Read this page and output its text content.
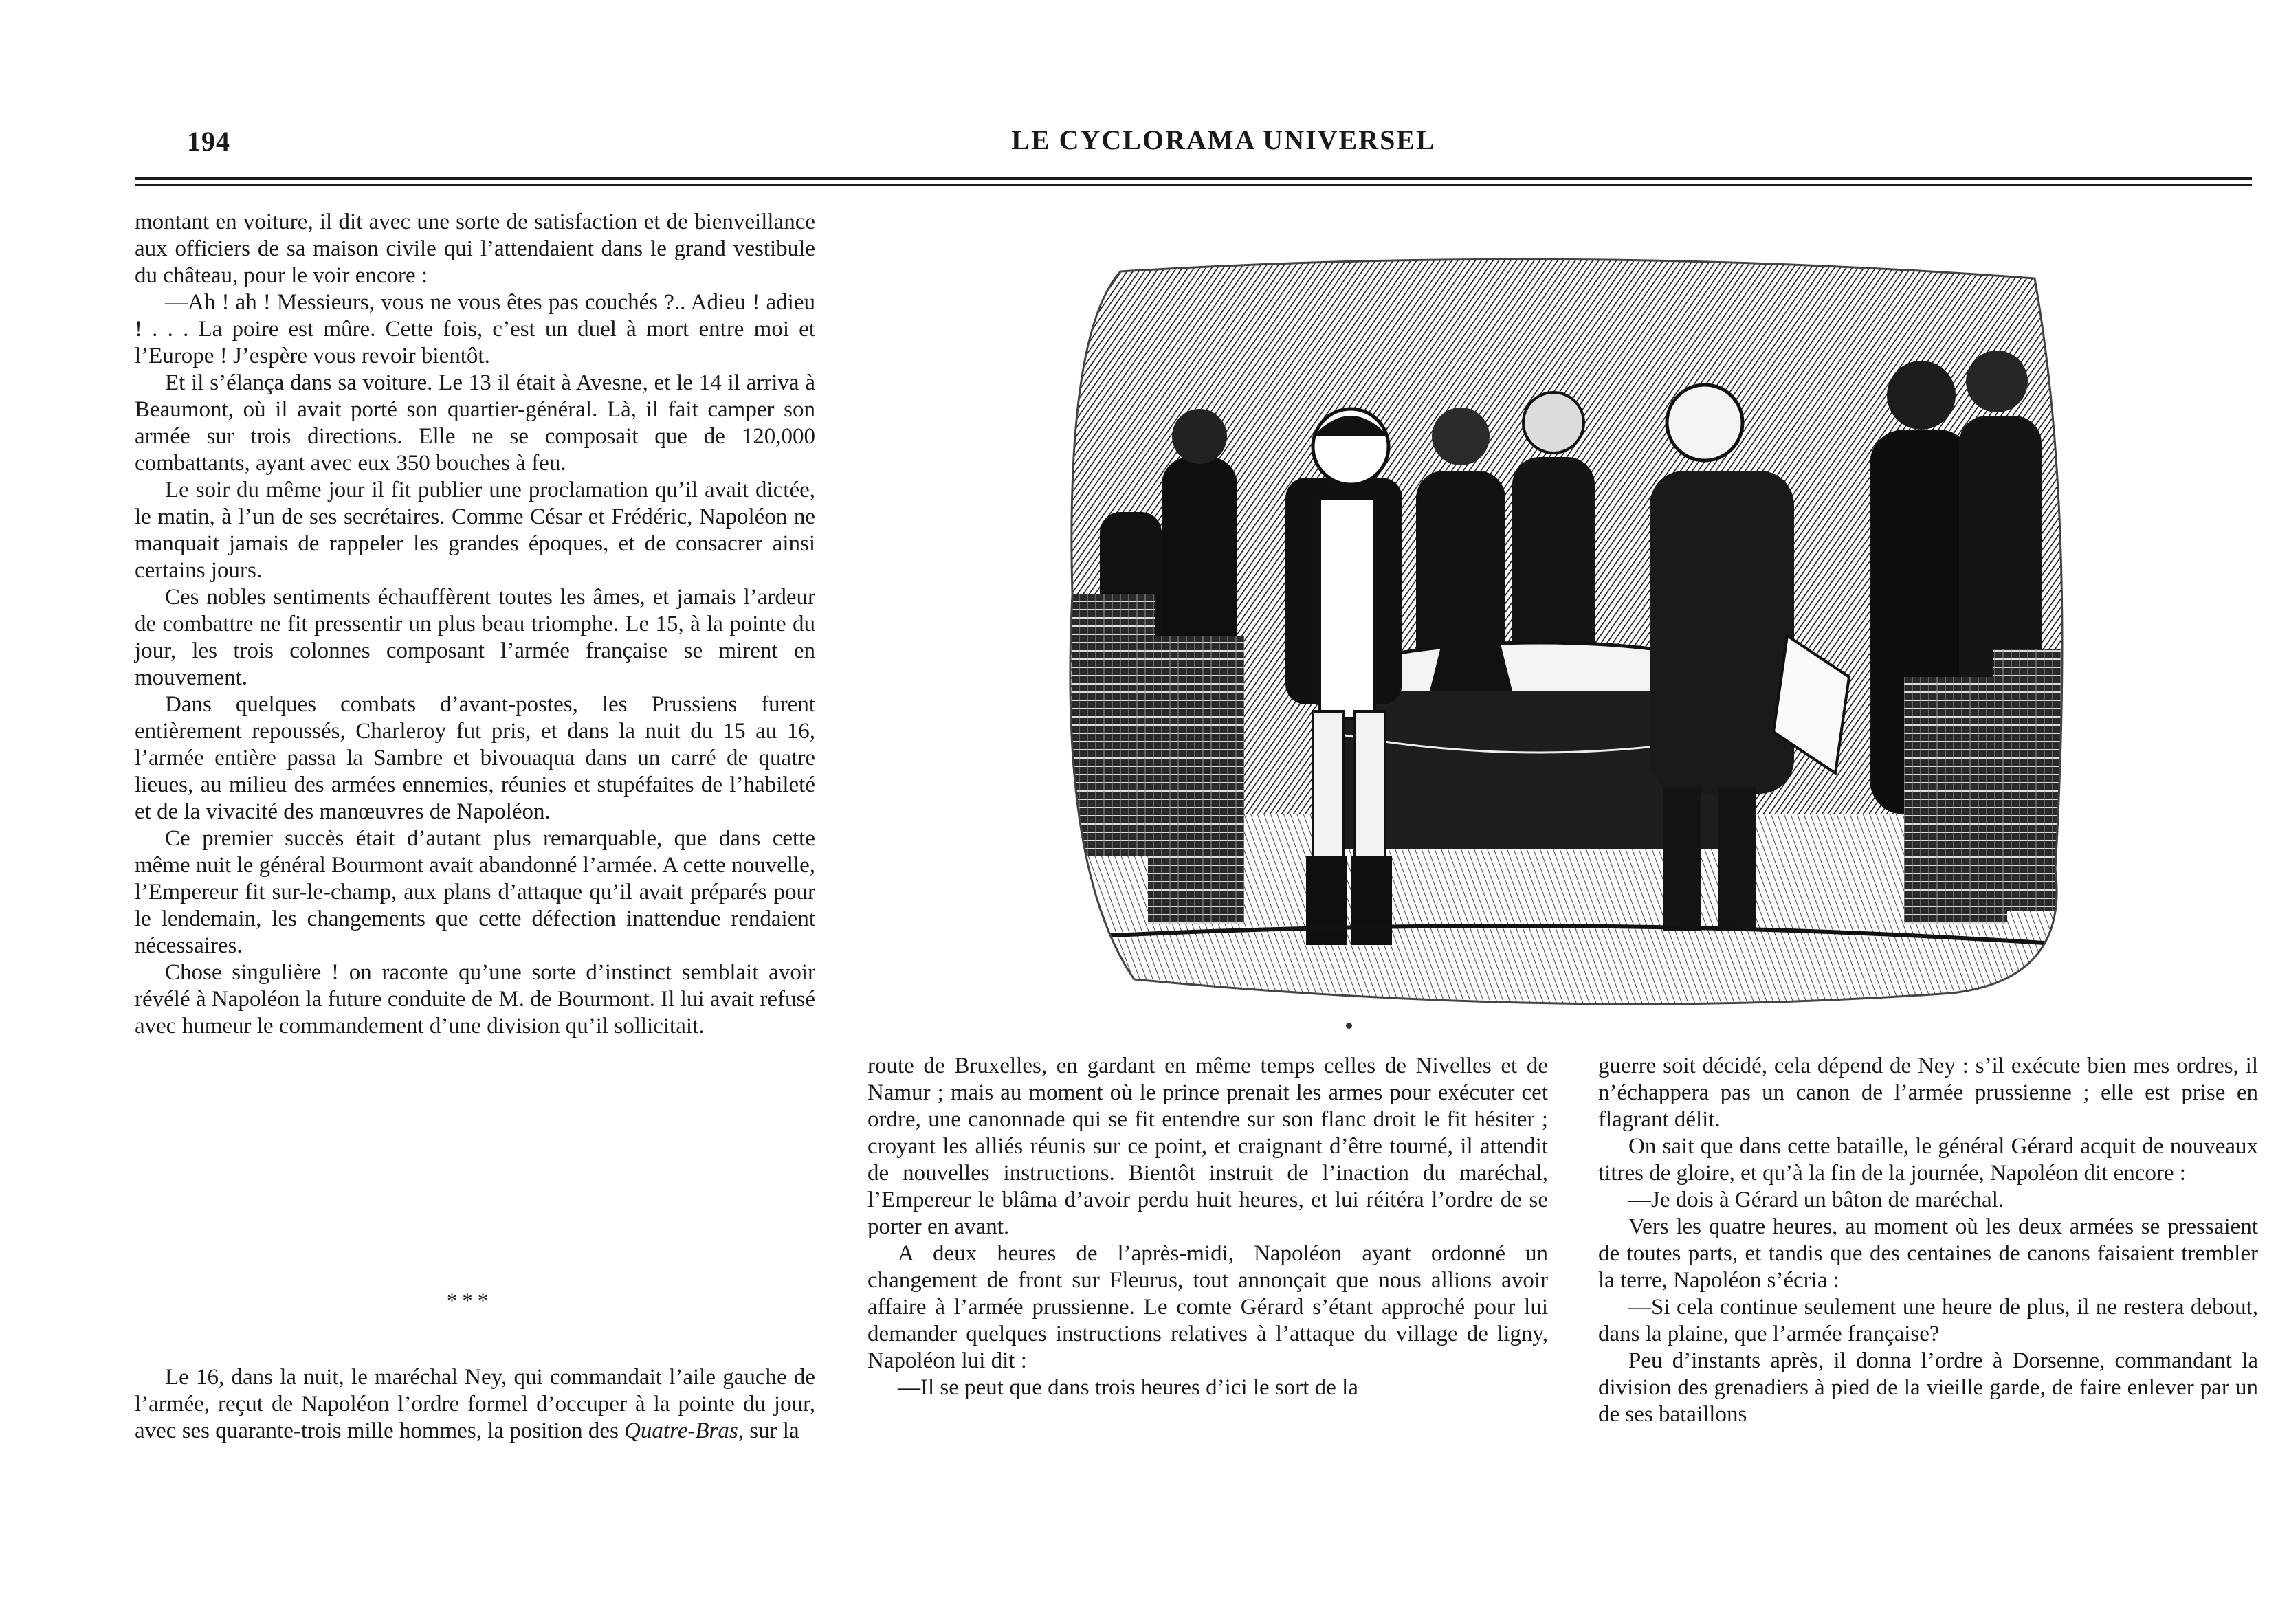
194	LE CYCLORAMA UNIVERSEL

montant en voiture, il dit avec une sorte de satisfaction et de bienveillance aux officiers de sa maison civile qui l’attendaient dans le grand vestibule du château, pour le voir encore :

—Ah ! ah ! Messieurs, vous ne vous êtes pas couchés ?.. Adieu ! adieu ! . . . La poire est mûre. Cette fois, c’est un duel à mort entre moi et l’Europe ! J’espère vous revoir bientôt.

Et il s’élança dans sa voiture. Le 13 il était à Avesne, et le 14 il arriva à Beaumont, où il avait porté son quartier-général. Là, il fait camper son armée sur trois directions. Elle ne se composait que de 120,000 combattants, ayant avec eux 350 bouches à feu.

Le soir du même jour il fit publier une proclamation qu’il avait dictée, le matin, à l’un de ses secrétaires. Comme César et Frédéric, Napoléon ne manquait jamais de rappeler les grandes époques, et de consacrer ainsi certains jours.

Ces nobles sentiments échauffèrent toutes les âmes, et jamais l’ardeur de combattre ne fit pressentir un plus beau triomphe. Le 15, à la pointe du jour, les trois colonnes composant l’armée française se mirent en mouvement.

Dans quelques combats d’avant-postes, les Prussiens furent entièrement repoussés, Charleroy fut pris, et dans la nuit du 15 au 16, l’armée entière passa la Sambre et bivouaqua dans un carré de quatre lieues, au milieu des armées ennemies, réunies et stupéfaites de l’habileté et de la vivacité des manœuvres de Napoléon.

Ce premier succès était d’autant plus remarquable, que dans cette même nuit le général Bourmont avait abandonné l’armée. A cette nouvelle, l’Empereur fit sur-le-champ, aux plans d’attaque qu’il avait préparés pour le lendemain, les changements que cette défection inattendue rendaient nécessaires.

Chose singulière ! on raconte qu’une sorte d’instinct semblait avoir révélé à Napoléon la future conduite de M. de Bourmont. Il lui avait refusé avec humeur le commandement d’une division qu’il sollicitait.

* * *

Le 16, dans la nuit, le maréchal Ney, qui commandait l’aile gauche de l’armée, reçut de Napoléon l’ordre formel d’occuper à la pointe du jour, avec ses quarante-trois mille hommes, la position des Quatre-Bras, sur la

route de Bruxelles, en gardant en même temps celles de Nivelles et de Namur ; mais au moment où le prince prenait les armes pour exécuter cet ordre, une canonnade qui se fit entendre sur son flanc droit le fit hésiter ; croyant les alliés réunis sur ce point, et craignant d’être tourné, il attendit de nouvelles instructions. Bientôt instruit de l’inaction du maréchal, l’Empereur le blâma d’avoir perdu huit heures, et lui réitéra l’ordre de se porter en avant.

A deux heures de l’après-midi, Napoléon ayant ordonné un changement de front sur Fleurus, tout annonçait que nous allions avoir affaire à l’armée prussienne. Le comte Gérard s’étant approché pour lui demander quelques instructions relatives à l’attaque du village de ligny, Napoléon lui dit :

—Il se peut que dans trois heures d’ici le sort de la

guerre soit décidé, cela dépend de Ney : s’il exécute bien mes ordres, il n’échappera pas un canon de l’armée prussienne ; elle est prise en flagrant délit.

On sait que dans cette bataille, le général Gérard acquit de nouveaux titres de gloire, et qu’à la fin de la journée, Napoléon dit encore :

—Je dois à Gérard un bâton de maréchal.

Vers les quatre heures, au moment où les deux armées se pressaient de toutes parts, et tandis que des centaines de canons faisaient trembler la terre, Napoléon s’écria :

—Si cela continue seulement une heure de plus, il ne restera debout, dans la plaine, que l’armée française?

Peu d’instants après, il donna l’ordre à Dorsenne, commandant la division des grenadiers à pied de la vieille garde, de faire enlever par un de ses bataillons
